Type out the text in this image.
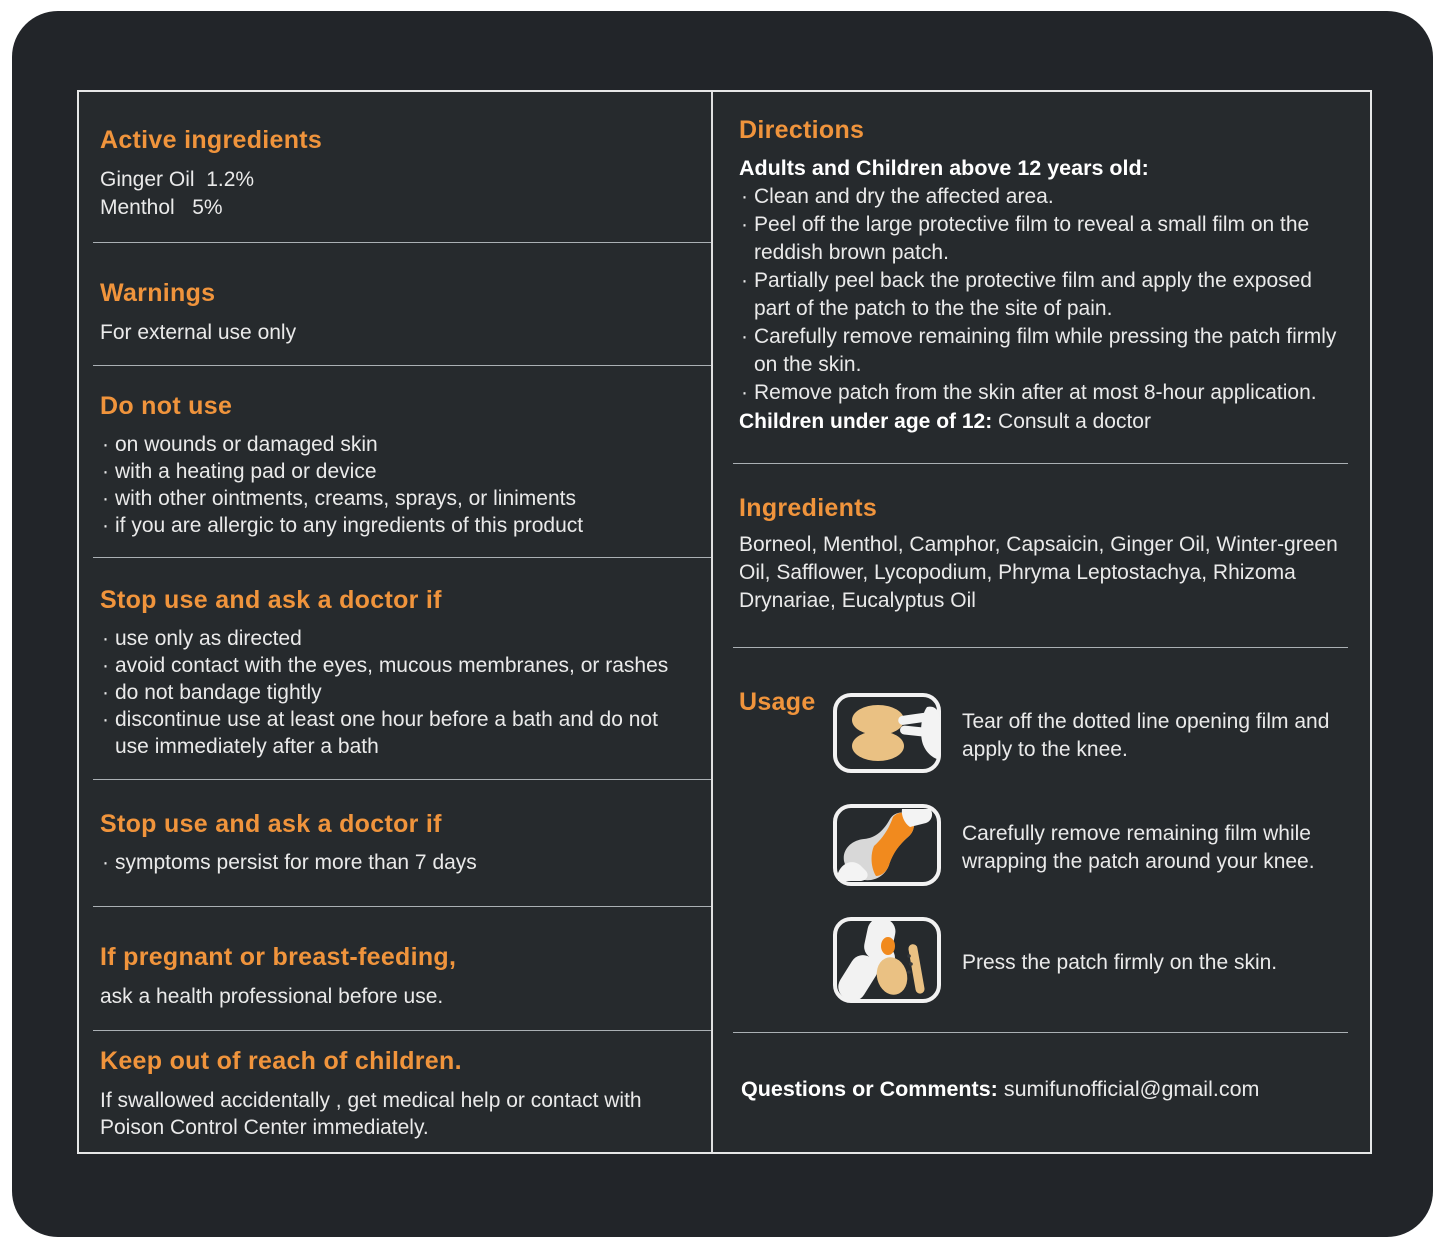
Active ingredients
Ginger Oil  1.2%
Menthol   5%
Warnings
For external use only
Do not use
· on wounds or damaged skin
· with a heating pad or device
· with other ointments, creams, sprays, or liniments
· if you are allergic to any ingredients of this product
Stop use and ask a doctor if
· use only as directed
· avoid contact with the eyes, mucous membranes, or rashes
· do not bandage tightly
· discontinue use at least one hour before a bath and do not use immediately after a bath
Stop use and ask a doctor if
· symptoms persist for more than 7 days
If pregnant or breast-feeding,
ask a health professional before use.
Keep out of reach of children.
If swallowed accidentally , get medical help or contact with Poison Control Center immediately.
Directions
Adults and Children above 12 years old:
· Clean and dry the affected area.
· Peel off the large protective film to reveal a small film on the reddish brown patch.
· Partially peel back the protective film and apply the exposed part of the patch to the the site of pain.
· Carefully remove remaining film while pressing the patch firmly on the skin.
· Remove patch from the skin after at most 8-hour application.
Children under age of 12: Consult a doctor
Ingredients
Borneol, Menthol, Camphor, Capsaicin, Ginger Oil, Winter-green Oil, Safflower, Lycopodium, Phryma Leptostachya, Rhizoma Drynariae, Eucalyptus Oil
Usage
Tear off the dotted line opening film and apply to the knee.
Carefully remove remaining film while wrapping the patch around your knee.
Press the patch firmly on the skin.
Questions or Comments: sumifunofficial@gmail.com
